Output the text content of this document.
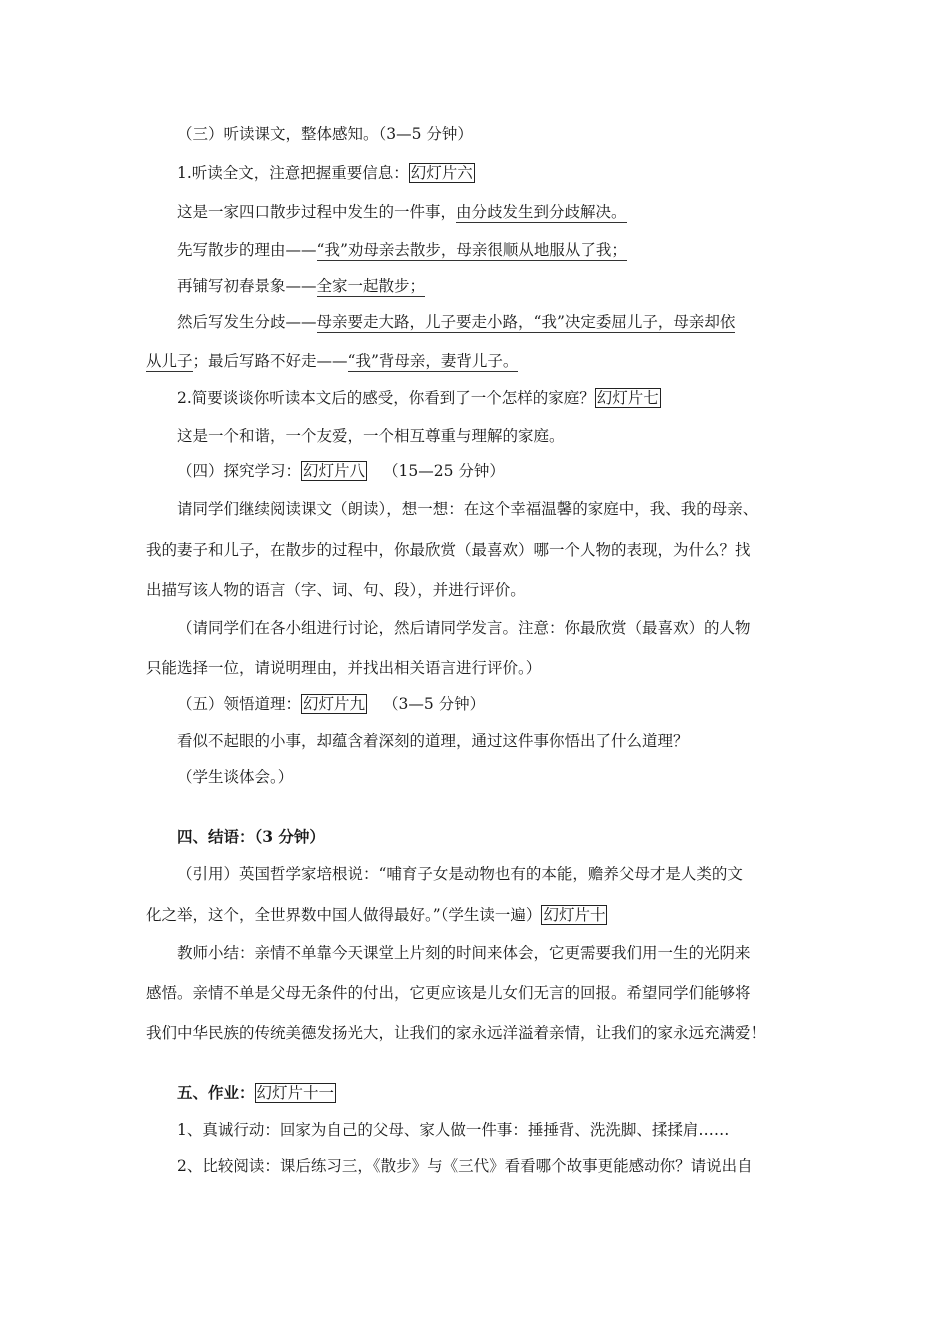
（三）听读课文，整体感知。（3—5 分钟）
1.听读全文，注意把握重要信息： 幻灯片六
这是一家四口散步过程中发生的一件事，由分歧发生到分歧解决。
先写散步的理由——“我”劝母亲去散步，母亲很顺从地服从了我；
再铺写初春景象——全家一起散步；
然后写发生分歧——母亲要走大路，儿子要走小路，“我”决定委屈儿子，母亲却依
从儿子；最后写路不好走——“我”背母亲，妻背儿子。
2.简要谈谈你听读本文后的感受，你看到了一个怎样的家庭？ 幻灯片七
这是一个和谐，一个友爱，一个相互尊重与理解的家庭。
（四）探究学习： 幻灯片八 （15—25 分钟）
请同学们继续阅读课文（朗读），想一想：在这个幸福温馨的家庭中，我、我的母亲、
我的妻子和儿子，在散步的过程中，你最欣赏（最喜欢）哪一个人物的表现，为什么？找
出描写该人物的语言（字、词、句、段），并进行评价。
（请同学们在各小组进行讨论，然后请同学发言。注意：你最欣赏（最喜欢）的人物
只能选择一位，请说明理由，并找出相关语言进行评价。）
（五）领悟道理： 幻灯片九 （3—5 分钟）
看似不起眼的小事，却蕴含着深刻的道理，通过这件事你悟出了什么道理？
（学生谈体会。）
四、结语：（3 分钟）
（引用）英国哲学家培根说：“哺育子女是动物也有的本能，赡养父母才是人类的文
化之举，这个，全世界数中国人做得最好。”（学生读一遍） 幻灯片十
教师小结：亲情不单靠今天课堂上片刻的时间来体会，它更需要我们用一生的光阴来
感悟。亲情不单是父母无条件的付出，它更应该是儿女们无言的回报。希望同学们能够将
我们中华民族的传统美德发扬光大，让我们的家永远洋溢着亲情，让我们的家永远充满爱！
五、作业： 幻灯片十一
1、真诚行动：回家为自己的父母、家人做一件事：捶捶背、洗洗脚、揉揉肩……
2、比较阅读：课后练习三，《散步》与《三代》看看哪个故事更能感动你？请说出自
